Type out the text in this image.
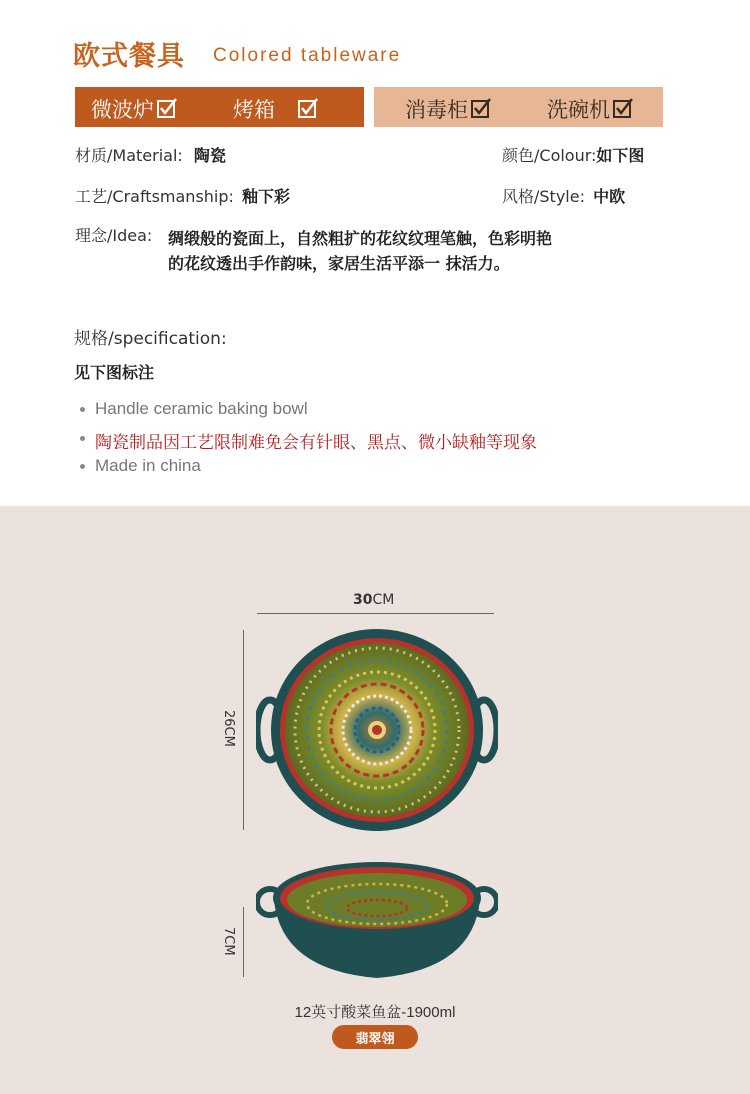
欧式餐具 Colored tableware
微波炉	烤箱	消毒柜	洗碗机
材质/Material: 陶瓷	颜色/Colour:如下图
工艺/Craftsmanship: 釉下彩	风格/Style: 中欧
理念/Idea: 绸缎般的瓷面上，自然粗扩的花纹纹理笔触，色彩明艳
的花纹透出手作韵味，家居生活平添一 抹活力。
规格/specification:
见下图标注
Handle ceramic baking bowl
陶瓷制品因工艺限制难免会有针眼、黑点、微小缺釉等现象
Made in china
30CM
26CM
7CM
12英寸酸菜鱼盆-1900ml
翡翠翎
